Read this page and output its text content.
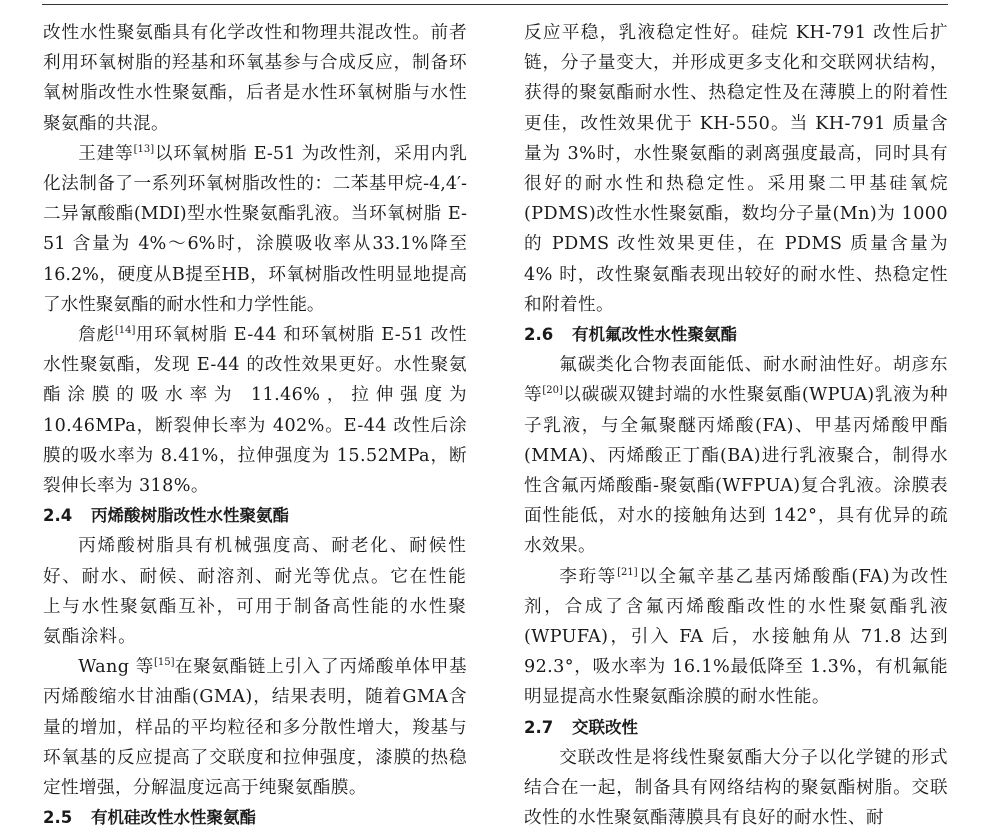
改性水性聚氨酯具有化学改性和物理共混改性。前者利用环氧树脂的羟基和环氧基参与合成反应，制备环氧树脂改性水性聚氨酯，后者是水性环氧树脂与水性聚氨酯的共混。

王建等[13]以环氧树脂 E-51 为改性剂，采用内乳化法制备了一系列环氧树脂改性的：二苯基甲烷-4,4′-二异氰酸酯(MDI)型水性聚氨酯乳液。当环氧树脂 E-51 含量为 4%～6%时，涂膜吸收率从33.1%降至16.2%，硬度从B提至HB，环氧树脂改性明显地提高了水性聚氨酯的耐水性和力学性能。

詹彪[14]用环氧树脂 E-44 和环氧树脂 E-51 改性水性聚氨酯，发现 E-44 的改性效果更好。水性聚氨酯涂膜的吸水率为 11.46%，拉伸强度为10.46MPa，断裂伸长率为 402%。E-44 改性后涂膜的吸水率为 8.41%，拉伸强度为 15.52MPa，断裂伸长率为 318%。

2.4 丙烯酸树脂改性水性聚氨酯

丙烯酸树脂具有机械强度高、耐老化、耐候性好、耐水、耐候、耐溶剂、耐光等优点。它在性能上与水性聚氨酯互补，可用于制备高性能的水性聚氨酯涂料。

Wang 等[15]在聚氨酯链上引入了丙烯酸单体甲基丙烯酸缩水甘油酯(GMA)，结果表明，随着GMA含量的增加，样品的平均粒径和多分散性增大，羧基与环氧基的反应提高了交联度和拉伸强度，漆膜的热稳定性增强，分解温度远高于纯聚氨酯膜。

2.5 有机硅改性水性聚氨酯

反应平稳，乳液稳定性好。硅烷 KH-791 改性后扩链，分子量变大，并形成更多支化和交联网状结构，获得的聚氨酯耐水性、热稳定性及在薄膜上的附着性更佳，改性效果优于 KH-550。当 KH-791 质量含量为 3%时，水性聚氨酯的剥离强度最高，同时具有很好的耐水性和热稳定性。采用聚二甲基硅氧烷(PDMS)改性水性聚氨酯，数均分子量(Mn)为 1000 的 PDMS 改性效果更佳，在 PDMS 质量含量为 4% 时，改性聚氨酯表现出较好的耐水性、热稳定性和附着性。

2.6 有机氟改性水性聚氨酯

氟碳类化合物表面能低、耐水耐油性好。胡彦东等[20]以碳碳双键封端的水性聚氨酯(WPUA)乳液为种子乳液，与全氟聚醚丙烯酸(FA)、甲基丙烯酸甲酯(MMA)、丙烯酸正丁酯(BA)进行乳液聚合，制得水性含氟丙烯酸酯-聚氨酯(WFPUA)复合乳液。涂膜表面性能低，对水的接触角达到 142°，具有优异的疏水效果。

李珩等[21]以全氟辛基乙基丙烯酸酯(FA)为改性剂，合成了含氟丙烯酸酯改性的水性聚氨酯乳液(WPUFA)，引入 FA 后，水接触角从 71.8 达到92.3°，吸水率为 16.1%最低降至 1.3%，有机氟能明显提高水性聚氨酯涂膜的耐水性能。

2.7 交联改性

交联改性是将线性聚氨酯大分子以化学键的形式结合在一起，制备具有网络结构的聚氨酯树脂。交联改性的水性聚氨酯薄膜具有良好的耐水性、耐
